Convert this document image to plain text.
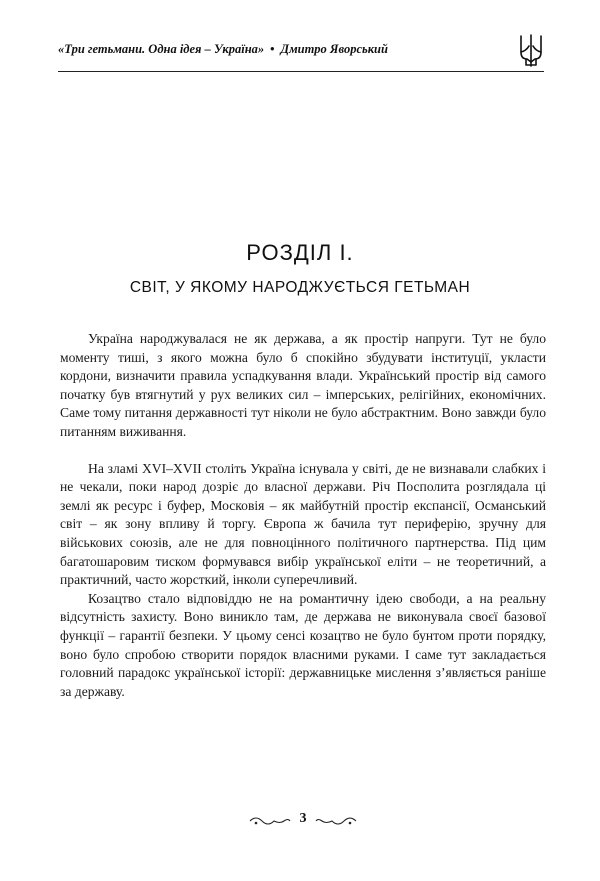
«Три гетьмани. Одна ідея – Україна» • Дмитро Яворський
РОЗДІЛ І.
СВІТ, У ЯКОМУ НАРОДЖУЄТЬСЯ ГЕТЬМАН

Україна народжувалася не як держава, а як простір напруги. Тут не було моменту тиші, з якого можна було б спокійно збудувати інституції, укласти кордони, визначити правила успадкування влади. Український простір від самого початку був втягнутий у рух великих сил – імперських, релігійних, економічних. Саме тому питання державності тут ніколи не було абстрактним. Воно завжди було питанням виживання.

На зламі XVI–XVII століть Україна існувала у світі, де не визнавали слабких і не чекали, поки народ дозріє до власної держави. Річ Посполита розглядала ці землі як ресурс і буфер, Московія – як майбутній простір експансії, Османський світ – як зону впливу й торгу. Європа ж бачила тут периферію, зручну для військових союзів, але не для повноцінного політичного партнерства. Під цим багатошаровим тиском формувався вибір української еліти – не теоретичний, а практичний, часто жорсткий, інколи суперечливий.

Козацтво стало відповіддю не на романтичну ідею свободи, а на реальну відсутність захисту. Воно виникло там, де держава не виконувала своєї базової функції – гарантії безпеки. У цьому сенсі козацтво не було бунтом проти порядку, воно було спробою створити порядок власними руками. І саме тут закладається головний парадокс української історії: державницьке мислення з’являється раніше за державу.

3
